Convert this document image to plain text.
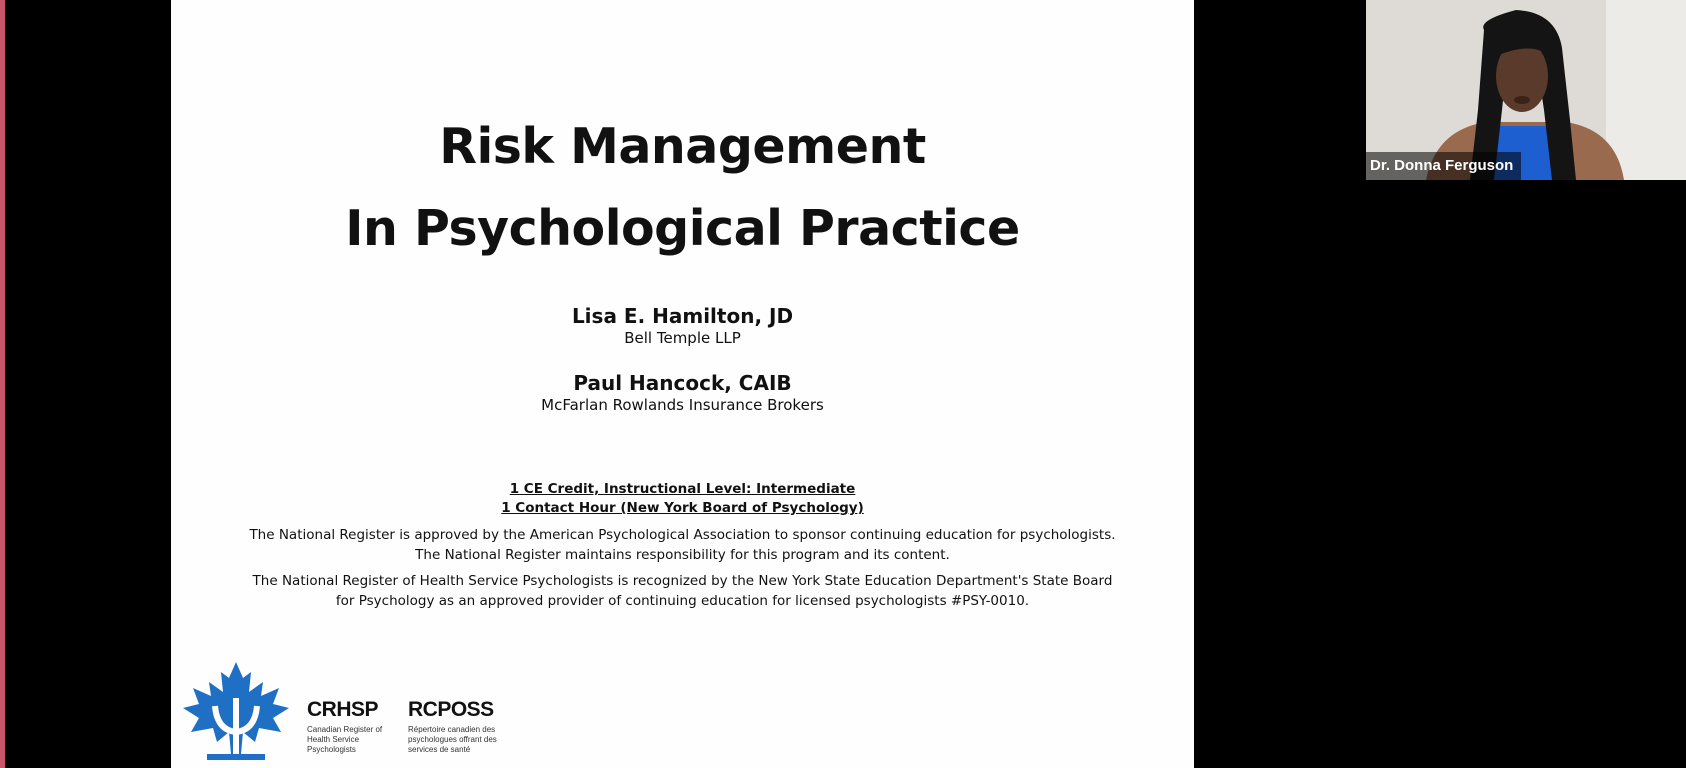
Risk Management
In Psychological Practice
Lisa E. Hamilton, JD
Bell Temple LLP
Paul Hancock, CAIB
McFarlan Rowlands Insurance Brokers
1 CE Credit, Instructional Level: Intermediate
1 Contact Hour (New York Board of Psychology)
The National Register is approved by the American Psychological Association to sponsor continuing education for psychologists.
The National Register maintains responsibility for this program and its content.
The National Register of Health Service Psychologists is recognized by the New York State Education Department's State Board
for Psychology as an approved provider of continuing education for licensed psychologists #PSY-0010.
CRHSP
Canadian Register of Health Service Psychologists
RCPOSS
Répertoire canadien des psychologues offrant des services de santé
Dr. Donna Ferguson
